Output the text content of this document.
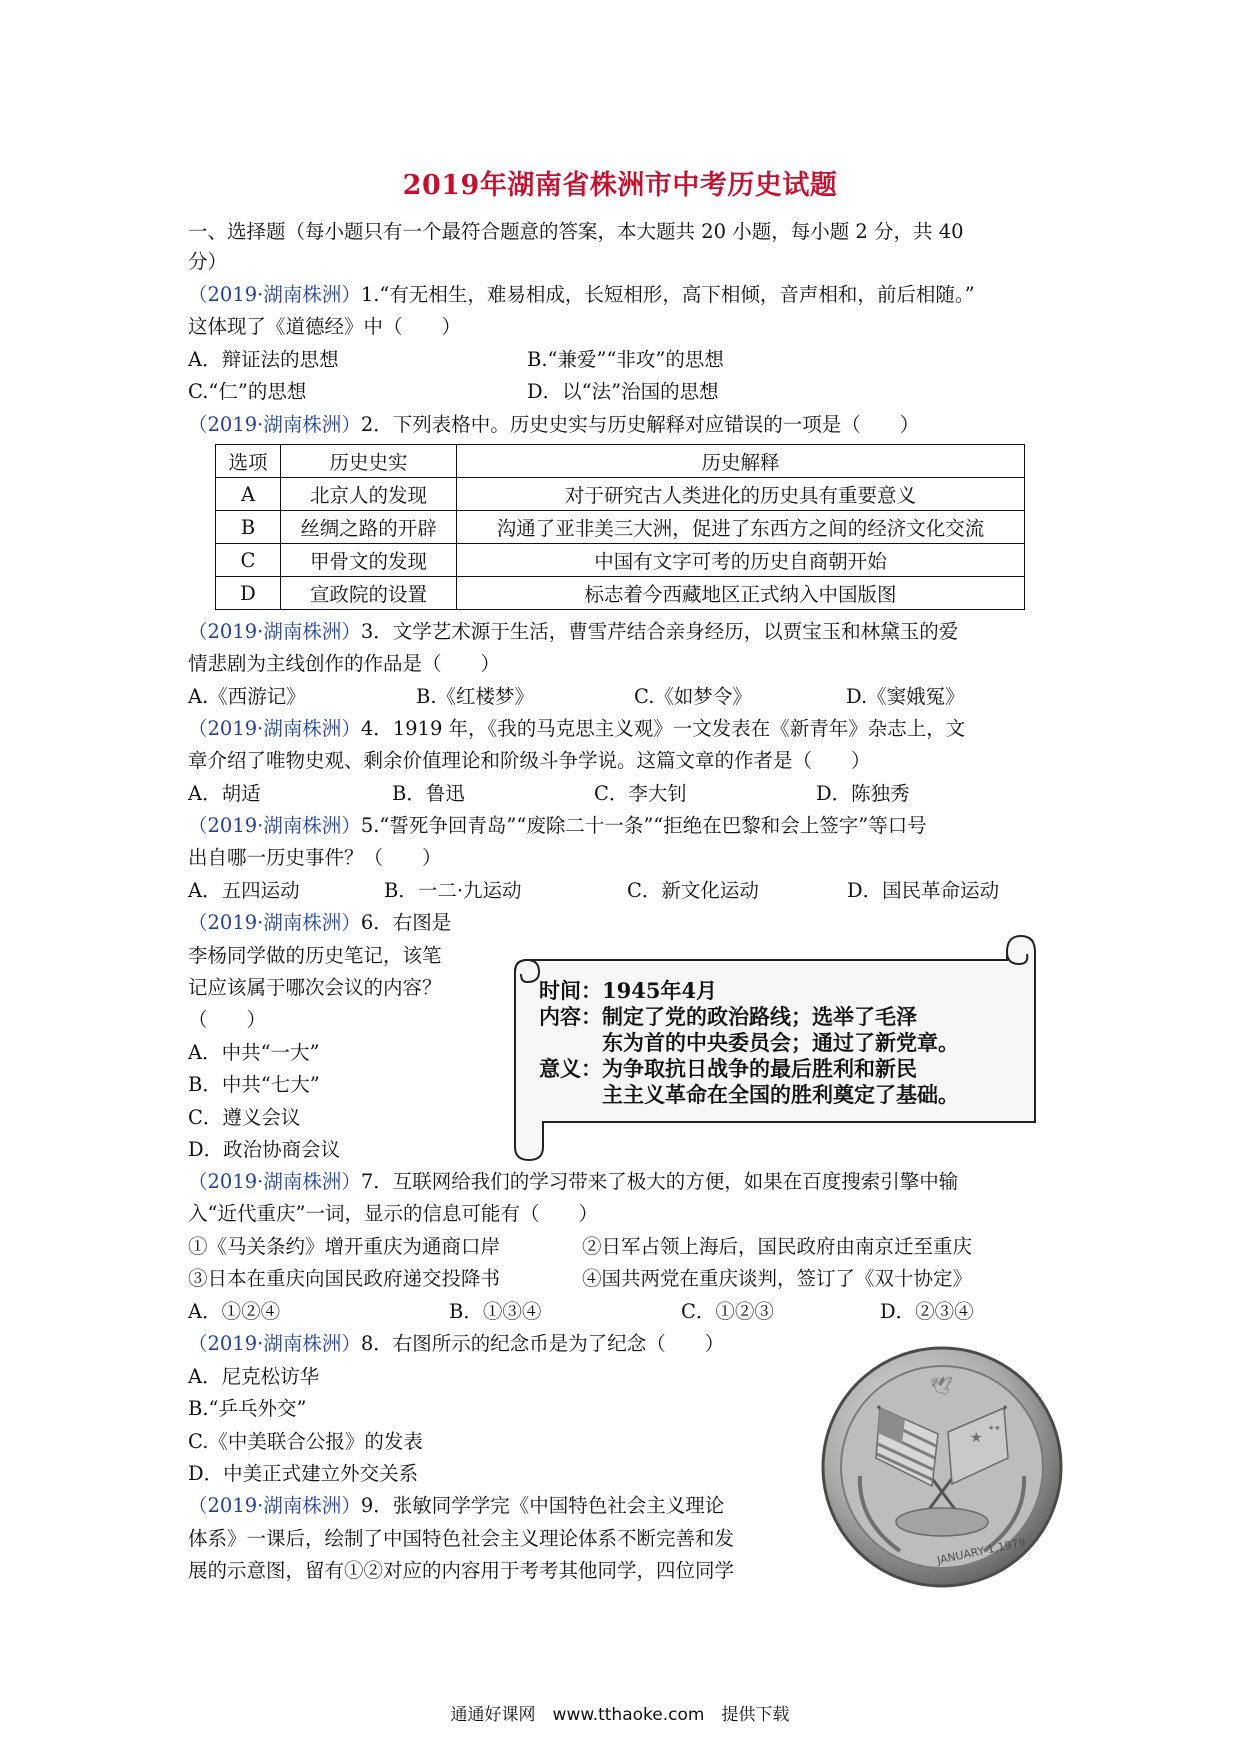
2019年湖南省株洲市中考历史试题
一、选择题（每小题只有一个最符合题意的答案，本大题共 20 小题，每小题 2 分，共 40
分）
（2019·湖南株洲）1.“有无相生，难易相成，长短相形，高下相倾，音声相和，前后相随。”
这体现了《道德经》中（　　）
A．辩证法的思想	B.“兼爱”“非攻”的思想
C.“仁”的思想	D．以“法”治国的思想
（2019·湖南株洲）2．下列表格中。历史史实与历史解释对应错误的一项是（　　）
选项	历史史实	历史解释
A	北京人的发现	对于研究古人类进化的历史具有重要意义
B	丝绸之路的开辟	沟通了亚非美三大洲，促进了东西方之间的经济文化交流
C	甲骨文的发现	中国有文字可考的历史自商朝开始
D	宣政院的设置	标志着今西藏地区正式纳入中国版图
（2019·湖南株洲）3．文学艺术源于生活，曹雪芹结合亲身经历，以贾宝玉和林黛玉的爱
情悲剧为主线创作的作品是（　　）
A.《西游记》	B.《红楼梦》	C.《如梦令》	D.《窦娥冤》
（2019·湖南株洲）4．1919 年，《我的马克思主义观》一文发表在《新青年》杂志上，文
章介绍了唯物史观、剩余价值理论和阶级斗争学说。这篇文章的作者是（　　）
A．胡适	B．鲁迅	C．李大钊	D．陈独秀
（2019·湖南株洲）5.“誓死争回青岛”“废除二十一条”“拒绝在巴黎和会上签字”等口号
出自哪一历史事件？（　　）
A．五四运动	B．一二·九运动	C．新文化运动	D．国民革命运动
（2019·湖南株洲）6．右图是
李杨同学做的历史笔记，该笔
记应该属于哪次会议的内容？
（　　）
A．中共“一大”
B．中共“七大”
C．遵义会议
D．政治协商会议
时间：1945年4月
内容：制定了党的政治路线；选举了毛泽
东为首的中央委员会；通过了新党章。
意义：为争取抗日战争的最后胜利和新民
主主义革命在全国的胜利奠定了基础。
（2019·湖南株洲）7．互联网给我们的学习带来了极大的方便，如果在百度搜索引擎中输
入“近代重庆”一词，显示的信息可能有（　　）
①《马关条约》增开重庆为通商口岸	②日军占领上海后，国民政府由南京迁至重庆
③日本在重庆向国民政府递交投降书	④国共两党在重庆谈判，签订了《双十协定》
A．①②④	B．①③④	C．①②③	D．②③④
（2019·湖南株洲）8．右图所示的纪念币是为了纪念（　　）
A．尼克松访华
B.“乒乓外交”
C.《中美联合公报》的发表
D．中美正式建立外交关系
★
★★
🕊
JANUARY 1,1979
（2019·湖南株洲）9．张敏同学学完《中国特色社会主义理论
体系》一课后，绘制了中国特色社会主义理论体系不断完善和发
展的示意图，留有①②对应的内容用于考考其他同学，四位同学
通通好课网　www.tthaoke.com　提供下载
